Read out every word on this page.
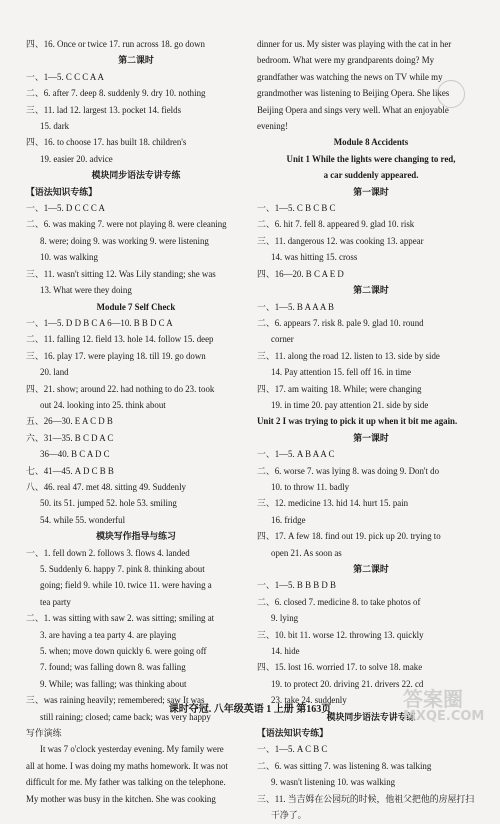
四、16. Once or twice 17. run across 18. go down
第二课时
一、1—5. C C C A A
二、6. after 7. deep 8. suddenly 9. dry 10. nothing
三、11. lad 12. largest 13. pocket 14. fields
15. dark
四、16. to choose 17. has built 18. children's
19. easier 20. advice
模块同步语法专讲专练
【语法知识专练】
一、1—5. D C C C A
二、6. was making 7. were not playing 8. were cleaning
8. were; doing 9. was working 9. were listening
10. was walking
三、11. wasn't sitting 12. Was Lily standing; she was
13. What were they doing
Module 7 Self Check
一、1—5. D D B C A 6—10. B B D C A
二、11. falling 12. field 13. hole 14. follow 15. deep
三、16. play 17. were playing 18. till 19. go down
20. land
四、21. show; around 22. had nothing to do 23. took
out 24. looking into 25. think about
五、26—30. E A C D B
六、31—35. B C D A C
36—40. B C A D C
七、41—45. A D C B B
八、46. real 47. met 48. sitting 49. Suddenly
50. its 51. jumped 52. hole 53. smiling
54. while 55. wonderful
模块写作指导与练习
一、1. fell down 2. follows 3. flows 4. landed
5. Suddenly 6. happy 7. pink 8. thinking about
going; field 9. while 10. twice 11. were having a
tea party
二、1. was sitting with saw 2. was sitting; smiling at
3. are having a tea party 4. are playing
5. when; move down quickly 6. were going off
7. found; was falling down 8. was falling
9. While; was falling; was thinking about
三、was raining heavily; remembered; saw It was
still raining; closed; came back; was very happy
写作演练
It was 7 o'clock yesterday evening. My family were
all at home. I was doing my maths homework. It was not
difficult for me. My father was talking on the telephone.
My mother was busy in the kitchen. She was cooking
dinner for us. My sister was playing with the cat in her
bedroom. What were my grandparents doing? My
grandfather was watching the news on TV while my
grandmother was listening to Beijing Opera. She likes
Beijing Opera and sings very well. What an enjoyable
evening!
Module 8 Accidents
Unit 1 While the lights were changing to red,
a car suddenly appeared.
第一课时
一、1—5. C B C B C
二、6. hit 7. fell 8. appeared 9. glad 10. risk
三、11. dangerous 12. was cooking 13. appear
14. was hitting 15. cross
四、16—20. B C A E D
第二课时
一、1—5. B A A A B
二、6. appears 7. risk 8. pale 9. glad 10. round
corner
三、11. along the road 12. listen to 13. side by side
14. Pay attention 15. fell off 16. in time
四、17. am waiting 18. While; were changing
19. in time 20. pay attention 21. side by side
Unit 2 I was trying to pick it up when it bit me again.
第一课时
一、1—5. A B A A C
二、6. worse 7. was lying 8. was doing 9. Don't do
10. to throw 11. badly
三、12. medicine 13. hid 14. hurt 15. pain
16. fridge
四、17. A few 18. find out 19. pick up 20. trying to
open 21. As soon as
第二课时
一、1—5. B B B D B
二、6. closed 7. medicine 8. to take photos of
9. lying
三、10. bit 11. worse 12. throwing 13. quickly
14. hide
四、15. lost 16. worried 17. to solve 18. make
19. to protect 20. driving 21. drivers 22. cd
23. take 24. suddenly
模块同步语法专讲专练
【语法知识专练】
一、1—5. A C B C
二、6. was sitting 7. was listening 8. was talking
9. wasn't listening 10. was walking
三、11. 当吉姆在公园玩的时候，他祖父把他的房屋打扫
干净了。
课时夺冠. 八年级英语 1 上册 第163页	答案圈
MXQE.COM
